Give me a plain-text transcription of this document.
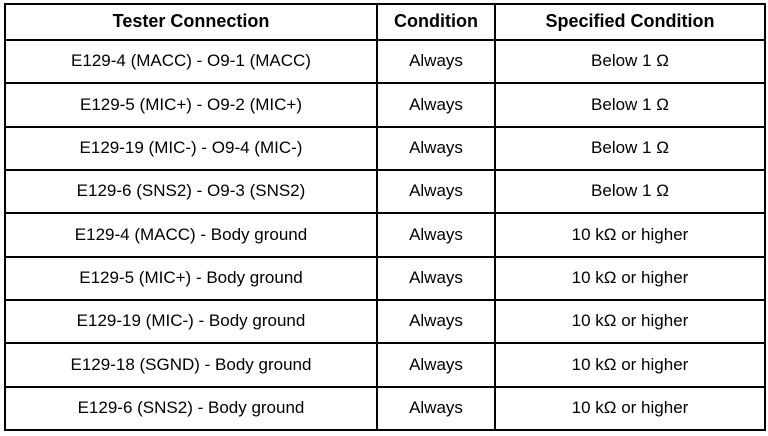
Tester Connection	Condition	Specified Condition
E129-4 (MACC) - O9-1 (MACC)	Always	Below 1 Ω
E129-5 (MIC+) - O9-2 (MIC+)	Always	Below 1 Ω
E129-19 (MIC-) - O9-4 (MIC-)	Always	Below 1 Ω
E129-6 (SNS2) - O9-3 (SNS2)	Always	Below 1 Ω
E129-4 (MACC) - Body ground	Always	10 kΩ or higher
E129-5 (MIC+) - Body ground	Always	10 kΩ or higher
E129-19 (MIC-) - Body ground	Always	10 kΩ or higher
E129-18 (SGND) - Body ground	Always	10 kΩ or higher
E129-6 (SNS2) - Body ground	Always	10 kΩ or higher
